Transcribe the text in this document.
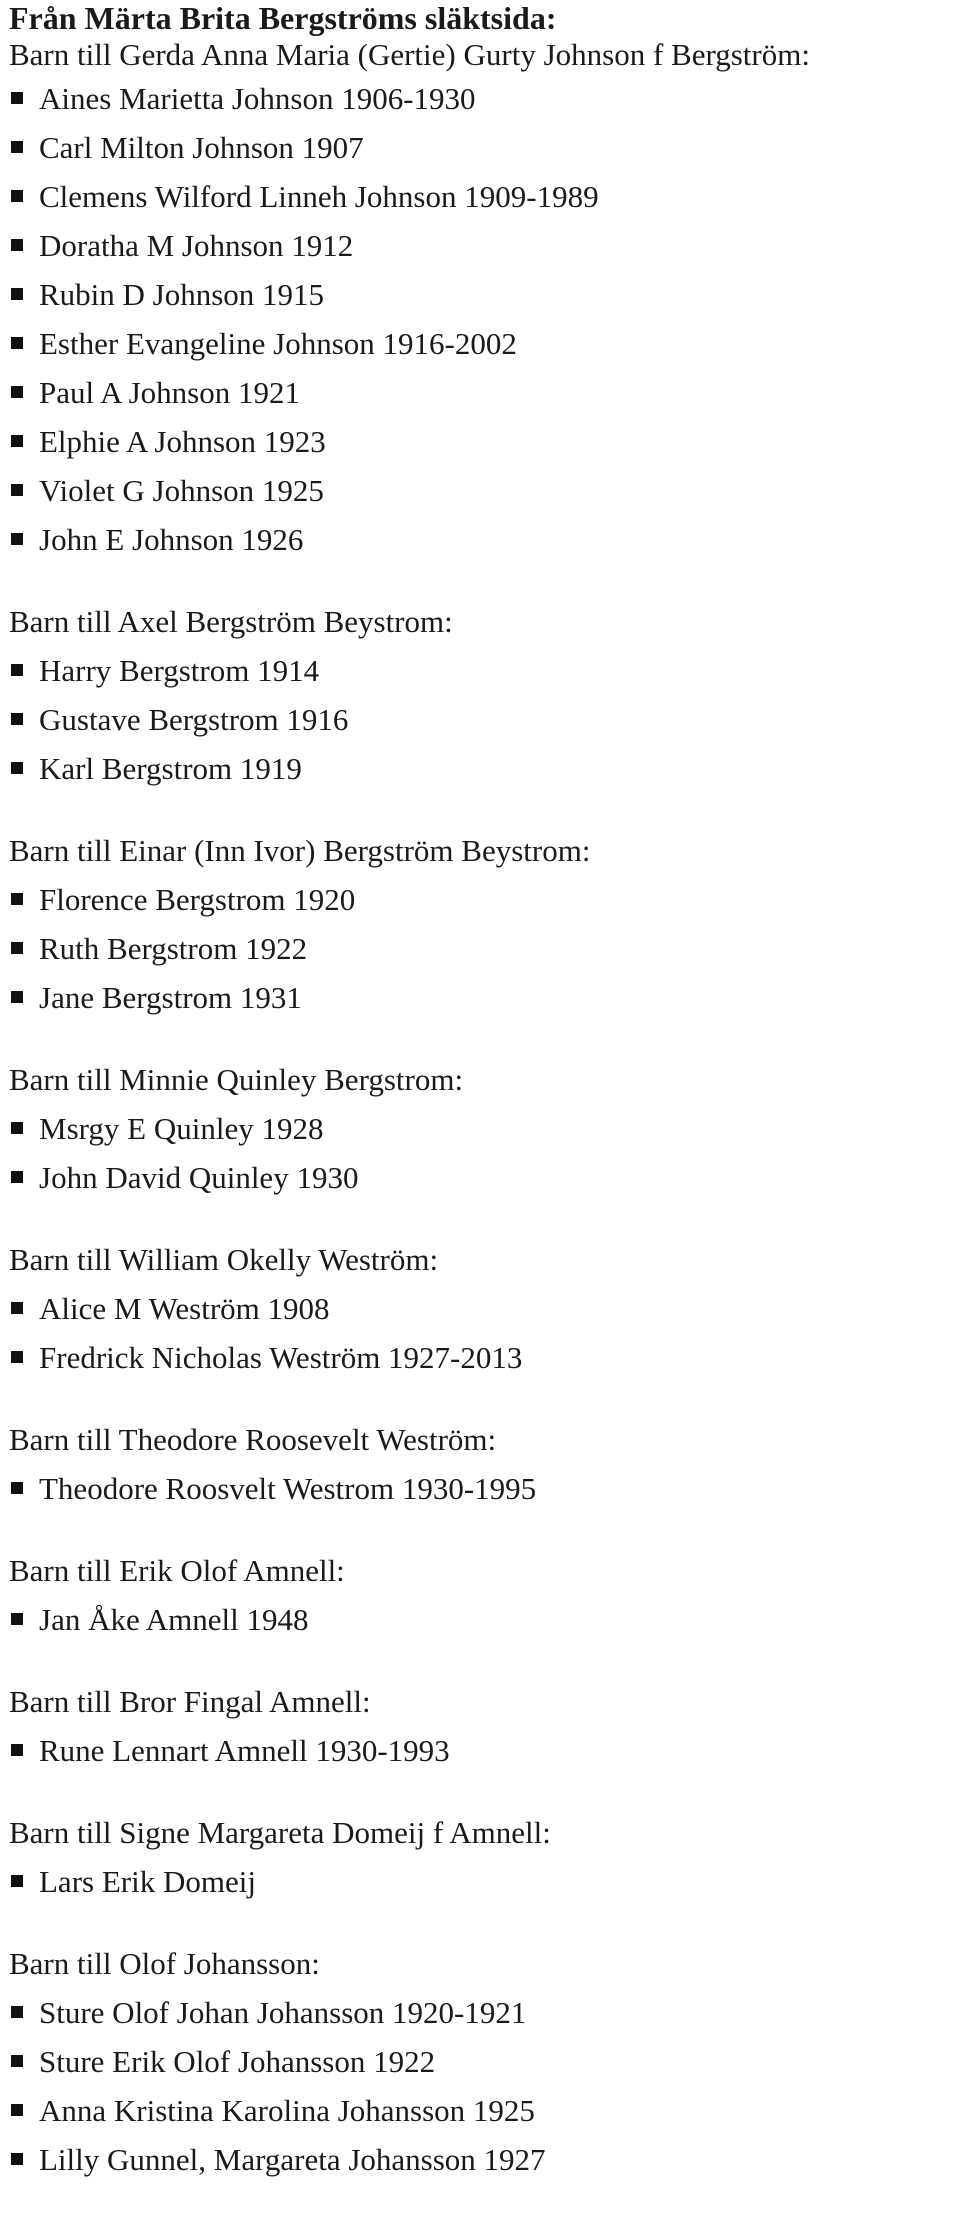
Från Märta Brita Bergströms släktsida:
Barn till Gerda Anna Maria (Gertie) Gurty Johnson f Bergström:
Aines Marietta Johnson 1906-1930
Carl Milton Johnson 1907
Clemens Wilford Linneh Johnson 1909-1989
Doratha M Johnson 1912
Rubin D Johnson 1915
Esther Evangeline Johnson 1916-2002
Paul A Johnson 1921
Elphie A Johnson 1923
Violet G Johnson 1925
John E Johnson 1926
Barn till Axel Bergström Beystrom:
Harry Bergstrom 1914
Gustave Bergstrom 1916
Karl Bergstrom 1919
Barn till Einar (Inn Ivor) Bergström Beystrom:
Florence Bergstrom 1920
Ruth Bergstrom 1922
Jane Bergstrom 1931
Barn till Minnie Quinley Bergstrom:
Msrgy E Quinley 1928
John David Quinley 1930
Barn till William Okelly Weström:
Alice M Weström 1908
Fredrick Nicholas Weström 1927-2013
Barn till Theodore Roosevelt Weström:
Theodore Roosvelt Westrom 1930-1995
Barn till Erik Olof Amnell:
Jan Åke Amnell 1948
Barn till Bror Fingal Amnell:
Rune Lennart Amnell 1930-1993
Barn till Signe Margareta Domeij f Amnell:
Lars Erik Domeij
Barn till Olof Johansson:
Sture Olof Johan Johansson 1920-1921
Sture Erik Olof Johansson 1922
Anna Kristina Karolina Johansson 1925
Lilly Gunnel, Margareta Johansson 1927
